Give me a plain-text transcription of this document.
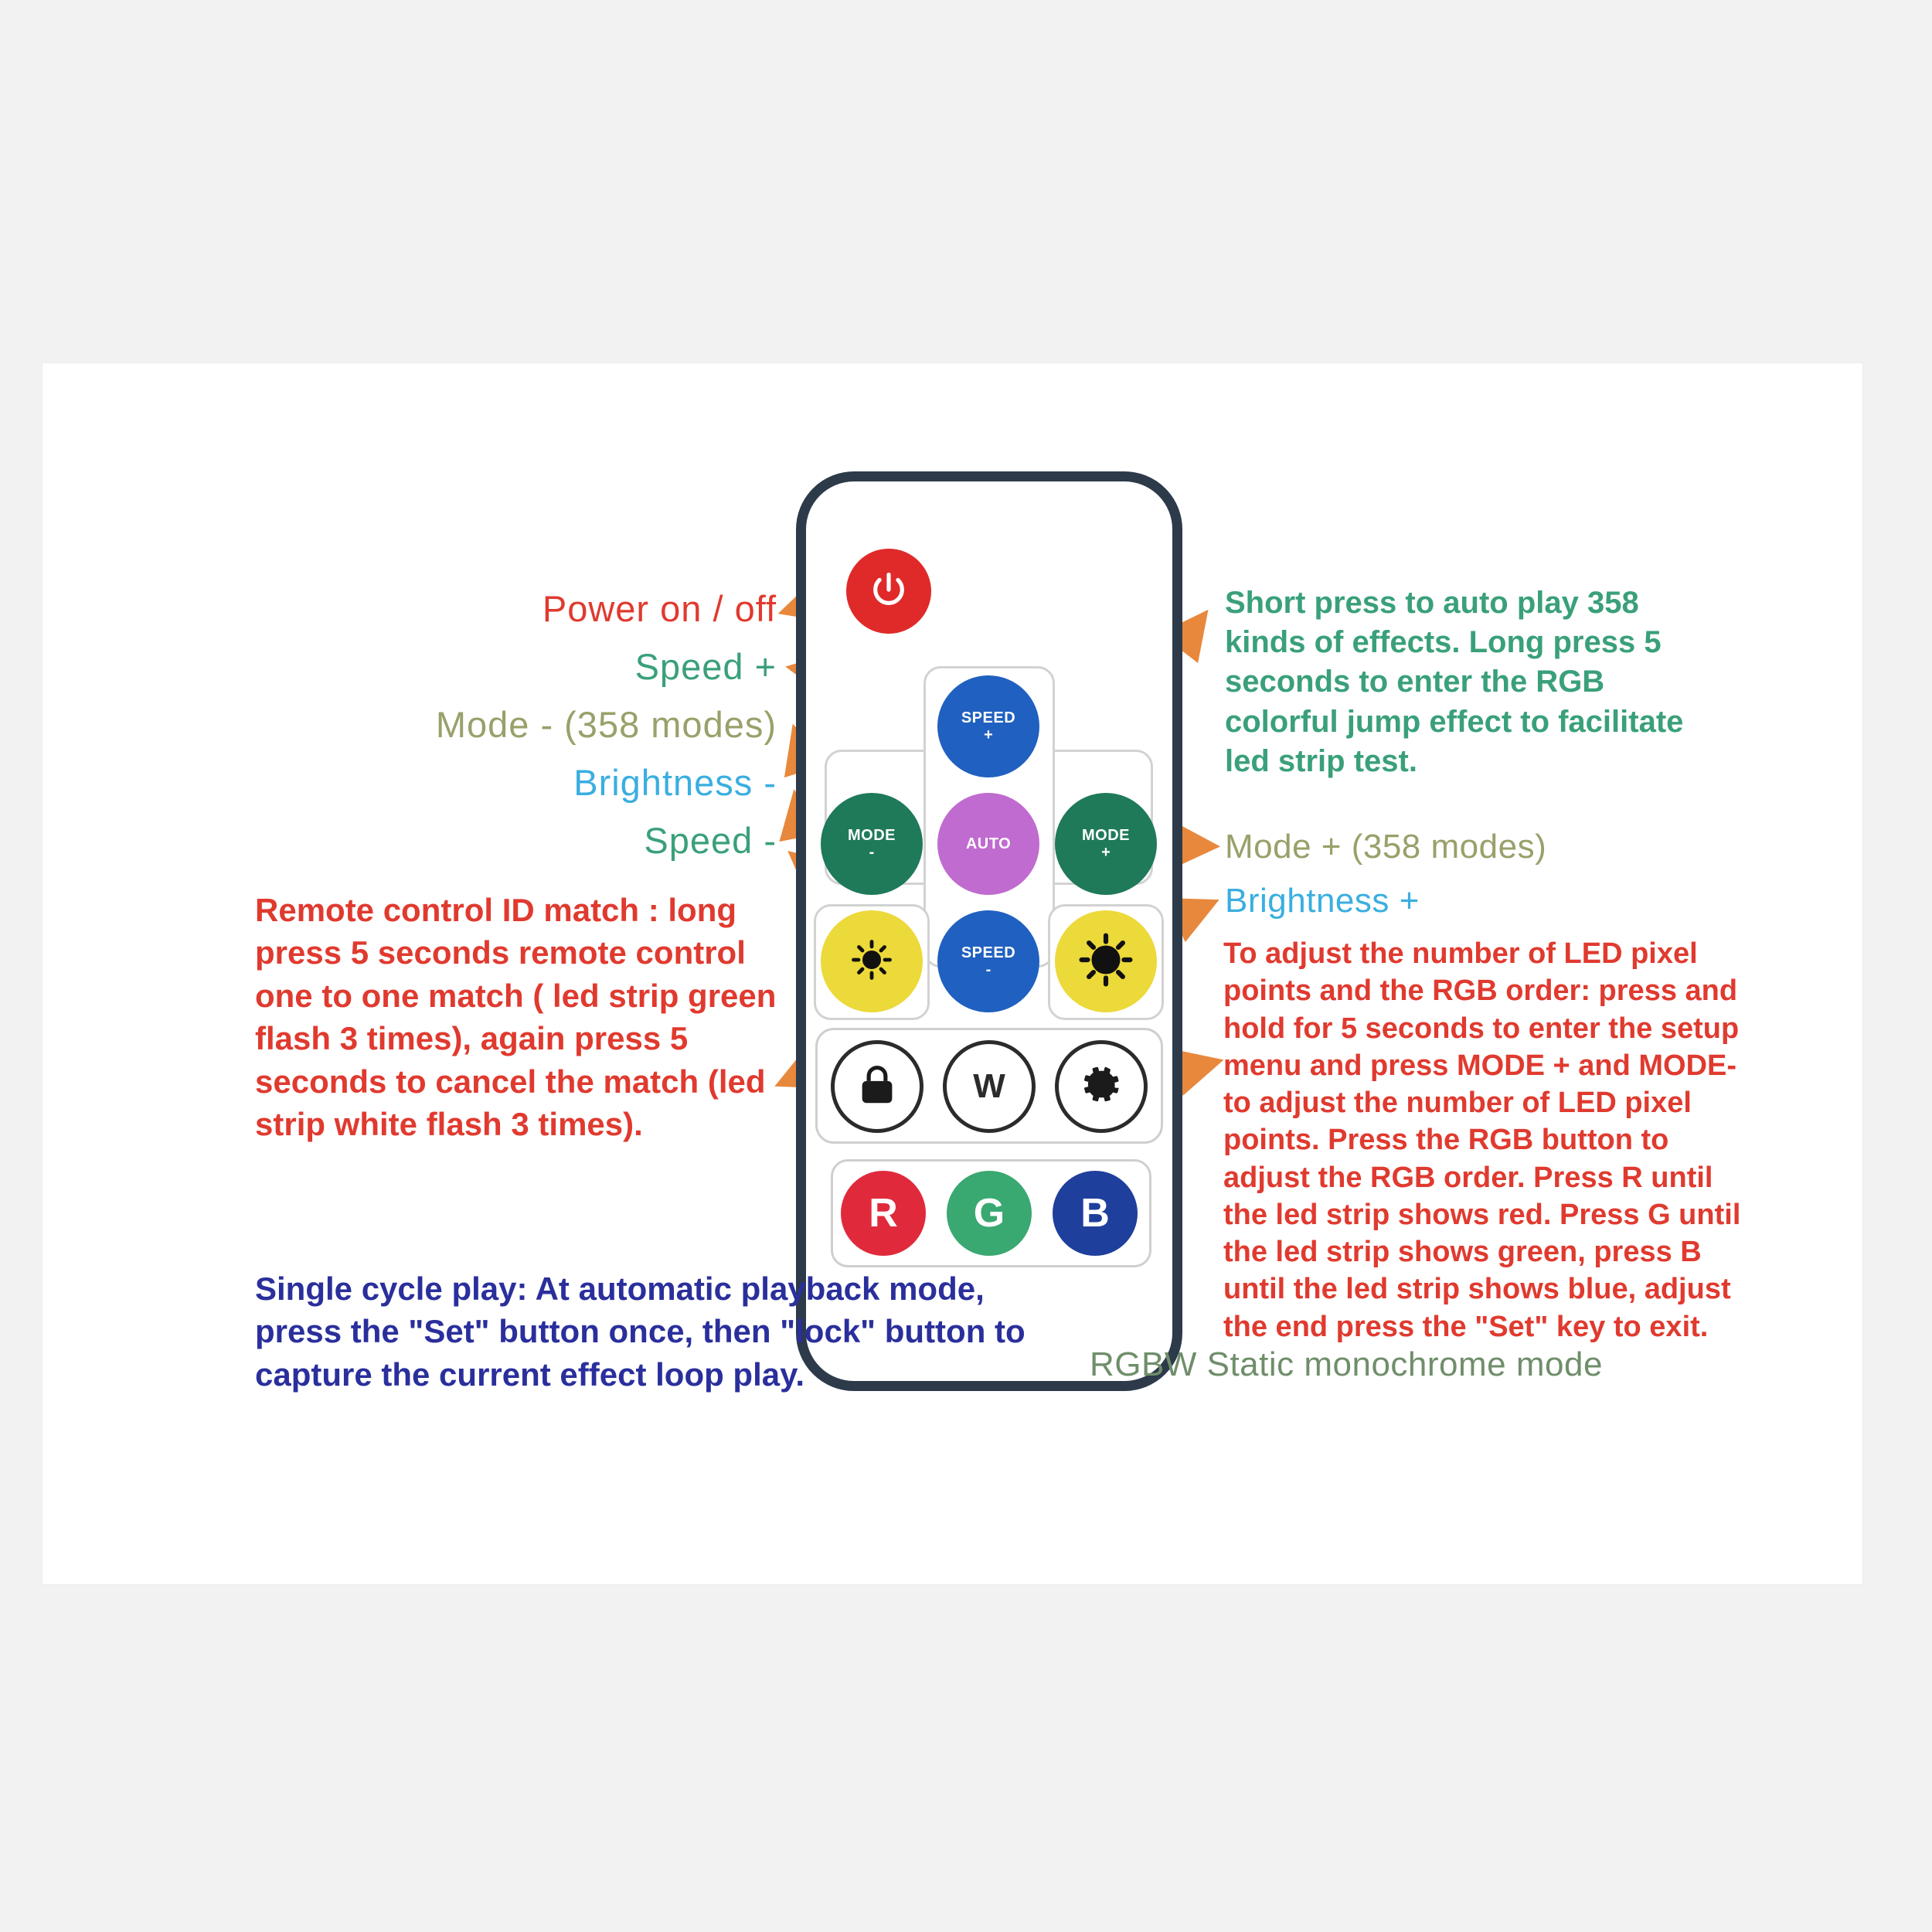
SPEED
+
AUTO
MODE
-
MODE
+
SPEED
-
W
R G B
Power on / off
Speed +
Mode - (358 modes)
Brightness -
Speed -
Remote control ID match : long press 5 seconds remote control one to one match ( led strip green flash 3 times), again press 5 seconds to cancel the match (led strip white flash 3 times).
Single cycle play: At automatic playback mode, press the "Set" button once, then "lock" button to capture the current effect loop play.
Short press to auto play 358 kinds of effects. Long press 5 seconds to enter the RGB colorful jump effect to facilitate led strip test.
Mode + (358 modes)
Brightness +
To adjust the number of LED pixel points and the RGB order: press and hold for 5 seconds to enter the setup menu and press MODE + and MODE- to adjust the number of LED pixel points. Press the RGB button to adjust the RGB order. Press R until the led strip shows red. Press G until the led strip shows green, press B until the led strip shows blue, adjust the end press the "Set" key to exit.
RGBW Static monochrome mode
